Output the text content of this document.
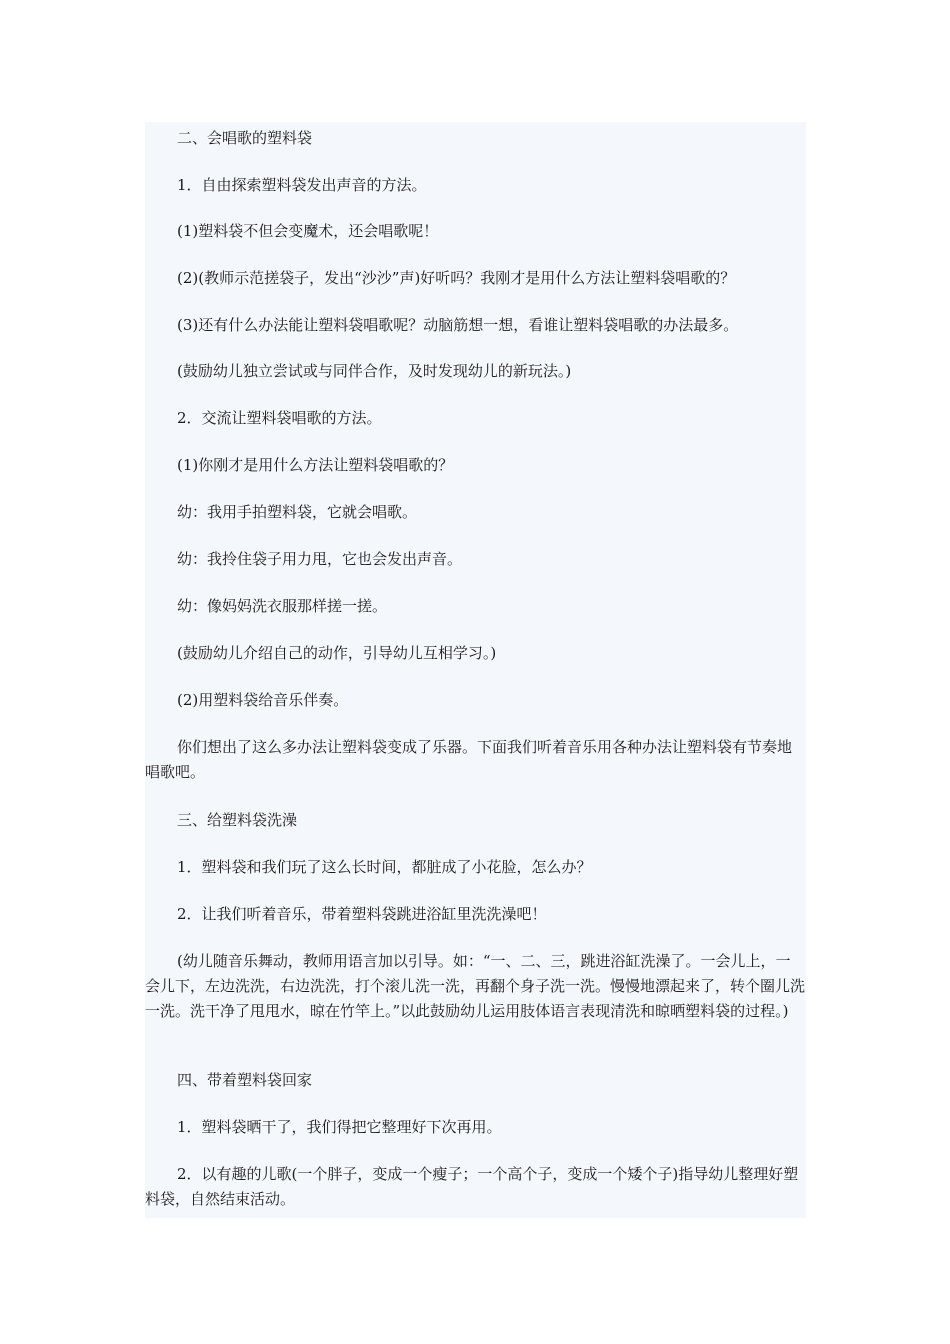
二、会唱歌的塑料袋

1．自由探索塑料袋发出声音的方法。

(1)塑料袋不但会变魔术，还会唱歌呢！

(2)(教师示范搓袋子，发出“沙沙”声)好听吗？我刚才是用什么方法让塑料袋唱歌的？

(3)还有什么办法能让塑料袋唱歌呢？动脑筋想一想，看谁让塑料袋唱歌的办法最多。

(鼓励幼儿独立尝试或与同伴合作，及时发现幼儿的新玩法。)

2．交流让塑料袋唱歌的方法。

(1)你刚才是用什么方法让塑料袋唱歌的？

幼：我用手拍塑料袋，它就会唱歌。

幼：我拎住袋子用力甩，它也会发出声音。

幼：像妈妈洗衣服那样搓一搓。

(鼓励幼儿介绍自己的动作，引导幼儿互相学习。)

(2)用塑料袋给音乐伴奏。

你们想出了这么多办法让塑料袋变成了乐器。下面我们听着音乐用各种办法让塑料袋有节奏地唱歌吧。

三、给塑料袋洗澡

1．塑料袋和我们玩了这么长时间，都脏成了小花脸，怎么办？

2．让我们听着音乐，带着塑料袋跳进浴缸里洗洗澡吧！

(幼儿随音乐舞动，教师用语言加以引导。如：“一、二、三，跳进浴缸洗澡了。一会儿上，一会儿下，左边洗洗，右边洗洗，打个滚儿洗一洗，再翻个身子洗一洗。慢慢地漂起来了，转个圈儿洗一洗。洗干净了甩甩水，晾在竹竿上。”以此鼓励幼儿运用肢体语言表现清洗和晾晒塑料袋的过程。)

四、带着塑料袋回家

1．塑料袋晒干了，我们得把它整理好下次再用。

2．以有趣的儿歌(一个胖子，变成一个瘦子；一个高个子，变成一个矮个子)指导幼儿整理好塑料袋，自然结束活动。
